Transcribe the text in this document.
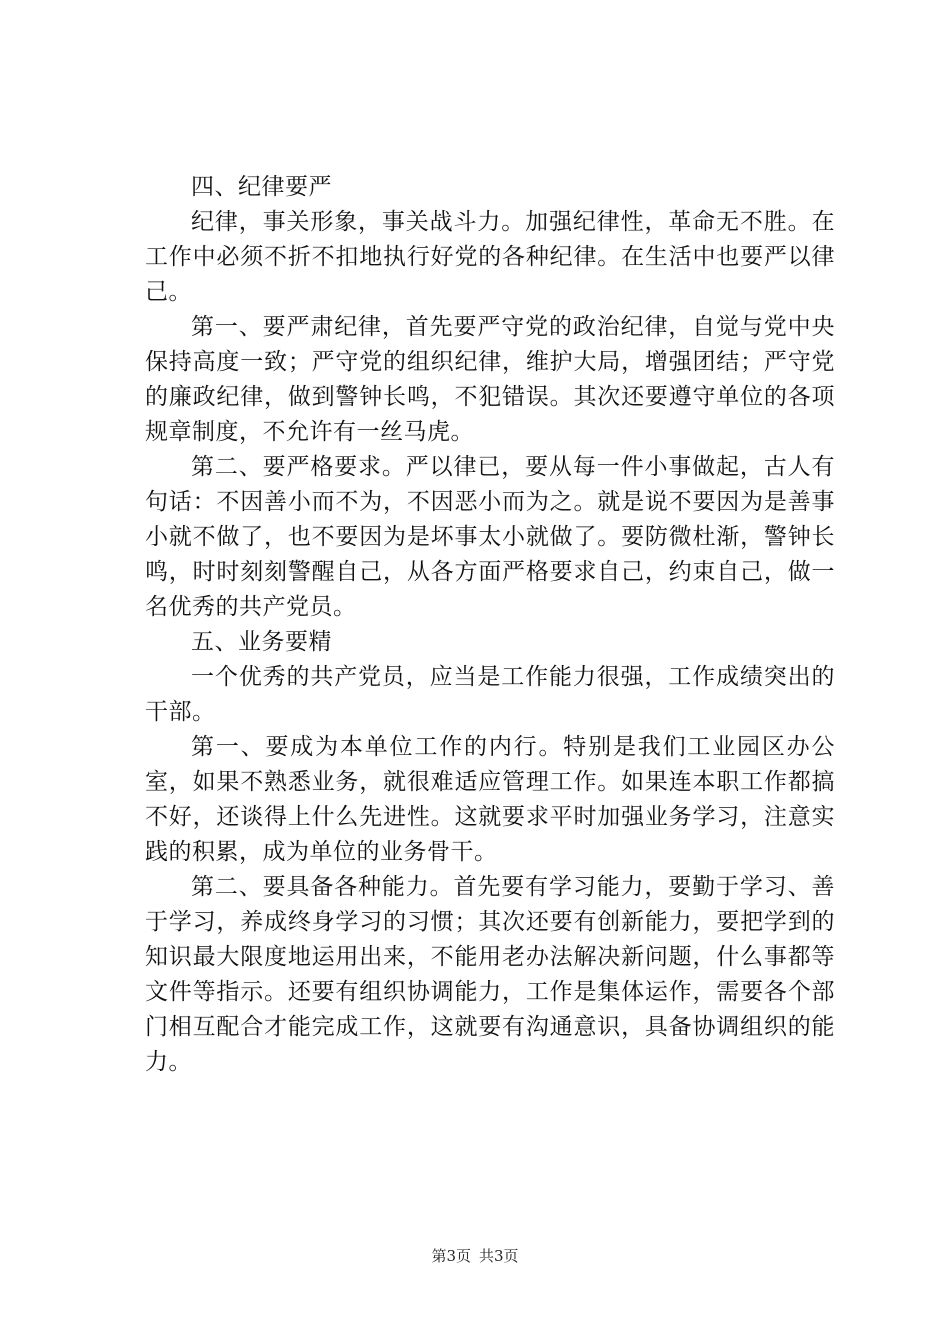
四、纪律要严

纪律，事关形象，事关战斗力。加强纪律性，革命无不胜。在工作中必须不折不扣地执行好党的各种纪律。在生活中也要严以律己。

第一、要严肃纪律，首先要严守党的政治纪律，自觉与党中央保持高度一致；严守党的组织纪律，维护大局，增强团结；严守党的廉政纪律，做到警钟长鸣，不犯错误。其次还要遵守单位的各项规章制度，不允许有一丝马虎。

第二、要严格要求。严以律已，要从每一件小事做起，古人有句话：不因善小而不为，不因恶小而为之。就是说不要因为是善事小就不做了，也不要因为是坏事太小就做了。要防微杜渐，警钟长鸣，时时刻刻警醒自己，从各方面严格要求自己，约束自己，做一名优秀的共产党员。

五、业务要精

一个优秀的共产党员，应当是工作能力很强，工作成绩突出的干部。

第一、要成为本单位工作的内行。特别是我们工业园区办公室，如果不熟悉业务，就很难适应管理工作。如果连本职工作都搞不好，还谈得上什么先进性。这就要求平时加强业务学习，注意实践的积累，成为单位的业务骨干。

第二、要具备各种能力。首先要有学习能力，要勤于学习、善于学习，养成终身学习的习惯；其次还要有创新能力，要把学到的知识最大限度地运用出来，不能用老办法解决新问题，什么事都等文件等指示。还要有组织协调能力，工作是集体运作，需要各个部门相互配合才能完成工作，这就要有沟通意识，具备协调组织的能力。

第3页 共3页
